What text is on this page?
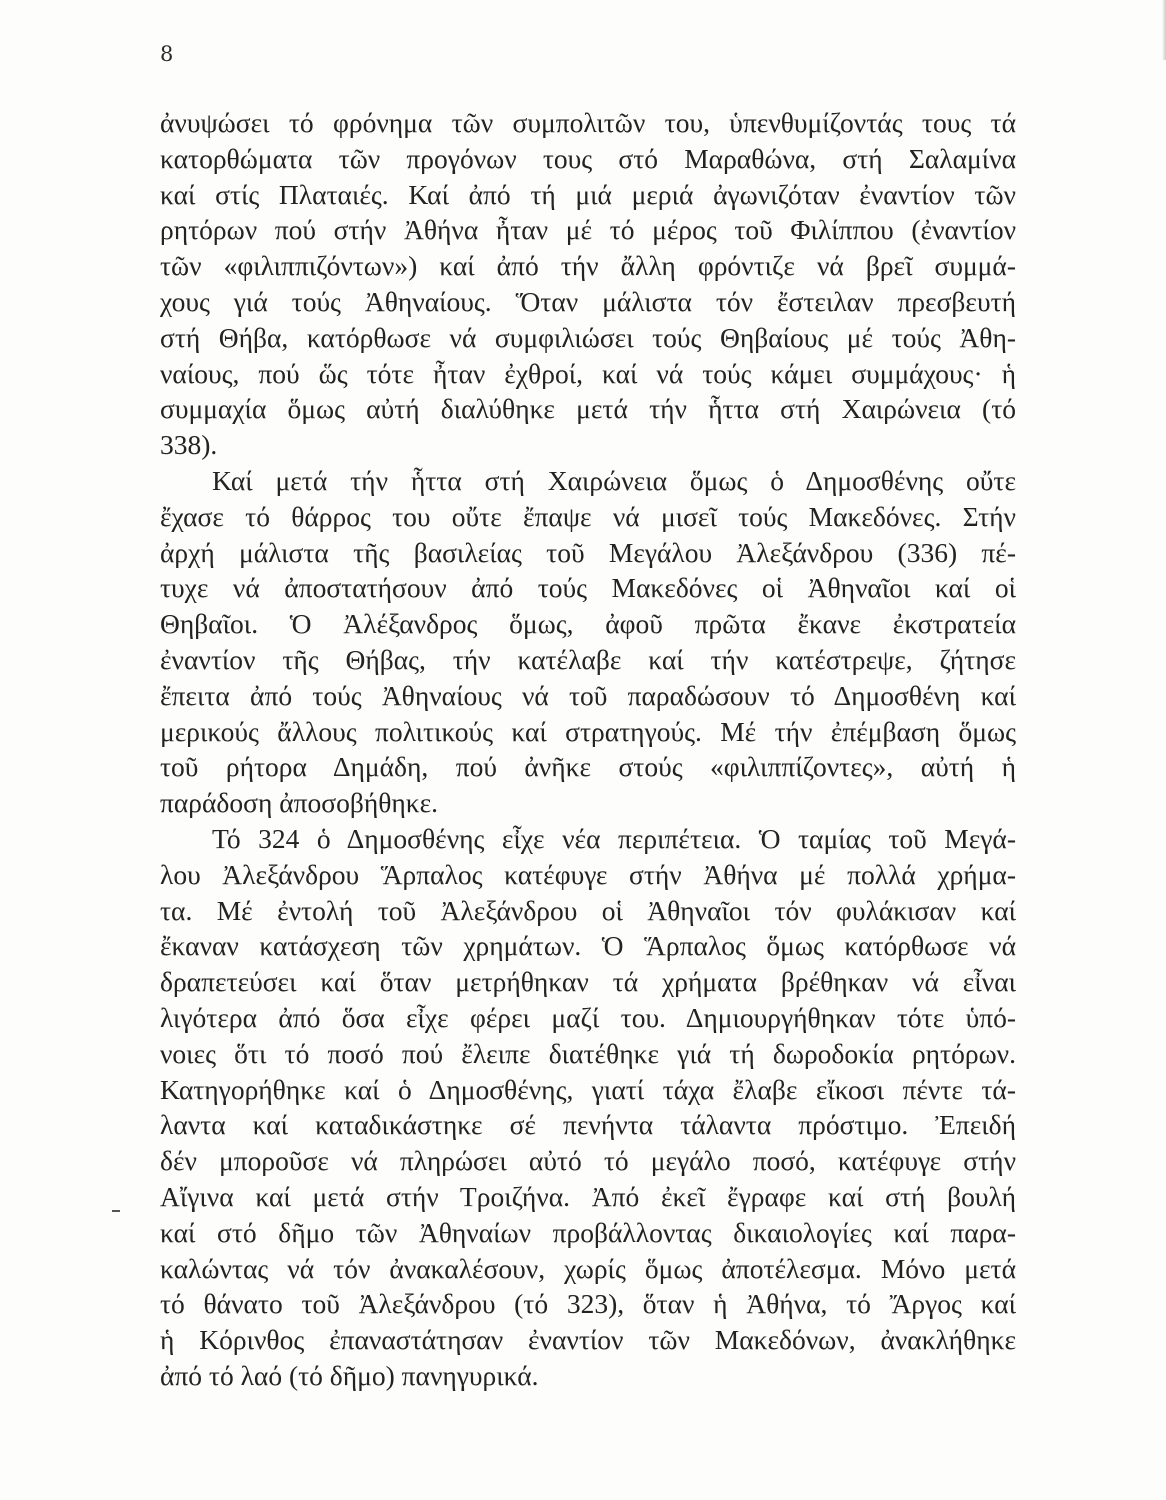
8

ἀνυψώσει τό φρόνημα τῶν συμπολιτῶν του, ὑπενθυμίζοντάς τους τά
κατορθώματα τῶν προγόνων τους στό Μαραθώνα, στή Σαλαμίνα
καί στίς Πλαταιές. Καί ἀπό τή μιά μεριά ἀγωνιζόταν ἐναντίον τῶν
ρητόρων πού στήν Ἀθήνα ἦταν μέ τό μέρος τοῦ Φιλίππου (ἐναντίον
τῶν «φιλιππιζόντων») καί ἀπό τήν ἄλλη φρόντιζε νά βρεῖ συμμά-
χους γιά τούς Ἀθηναίους. Ὅταν μάλιστα τόν ἔστειλαν πρεσβευτή
στή Θήβα, κατόρθωσε νά συμφιλιώσει τούς Θηβαίους μέ τούς Ἀθη-
ναίους, πού ὥς τότε ἦταν ἐχθροί, καί νά τούς κάμει συμμάχους· ἡ
συμμαχία ὅμως αὐτή διαλύθηκε μετά τήν ἧττα στή Χαιρώνεια (τό
338).
Καί μετά τήν ἧττα στή Χαιρώνεια ὅμως ὁ Δημοσθένης οὔτε
ἔχασε τό θάρρος του οὔτε ἔπαψε νά μισεῖ τούς Μακεδόνες. Στήν
ἀρχή μάλιστα τῆς βασιλείας τοῦ Μεγάλου Ἀλεξάνδρου (336) πέ-
τυχε νά ἀποστατήσουν ἀπό τούς Μακεδόνες οἱ Ἀθηναῖοι καί οἱ
Θηβαῖοι. Ὁ Ἀλέξανδρος ὅμως, ἀφοῦ πρῶτα ἔκανε ἐκστρατεία
ἐναντίον τῆς Θήβας, τήν κατέλαβε καί τήν κατέστρεψε, ζήτησε
ἔπειτα ἀπό τούς Ἀθηναίους νά τοῦ παραδώσουν τό Δημοσθένη καί
μερικούς ἄλλους πολιτικούς καί στρατηγούς. Μέ τήν ἐπέμβαση ὅμως
τοῦ ρήτορα Δημάδη, πού ἀνῆκε στούς «φιλιππίζοντες», αὐτή ἡ
παράδοση ἀποσοβήθηκε.
Τό 324 ὁ Δημοσθένης εἶχε νέα περιπέτεια. Ὁ ταμίας τοῦ Μεγά-
λου Ἀλεξάνδρου Ἅρπαλος κατέφυγε στήν Ἀθήνα μέ πολλά χρήμα-
τα. Μέ ἐντολή τοῦ Ἀλεξάνδρου οἱ Ἀθηναῖοι τόν φυλάκισαν καί
ἔκαναν κατάσχεση τῶν χρημάτων. Ὁ Ἅρπαλος ὅμως κατόρθωσε νά
δραπετεύσει καί ὅταν μετρήθηκαν τά χρήματα βρέθηκαν νά εἶναι
λιγότερα ἀπό ὅσα εἶχε φέρει μαζί του. Δημιουργήθηκαν τότε ὑπό-
νοιες ὅτι τό ποσό πού ἔλειπε διατέθηκε γιά τή δωροδοκία ρητόρων.
Κατηγορήθηκε καί ὁ Δημοσθένης, γιατί τάχα ἔλαβε εἴκοσι πέντε τά-
λαντα καί καταδικάστηκε σέ πενήντα τάλαντα πρόστιμο. Ἐπειδή
δέν μποροῦσε νά πληρώσει αὐτό τό μεγάλο ποσό, κατέφυγε στήν
Αἴγινα καί μετά στήν Τροιζήνα. Ἀπό ἐκεῖ ἔγραφε καί στή βουλή
καί στό δῆμο τῶν Ἀθηναίων προβάλλοντας δικαιολογίες καί παρα-
καλώντας νά τόν ἀνακαλέσουν, χωρίς ὅμως ἀποτέλεσμα. Μόνο μετά
τό θάνατο τοῦ Ἀλεξάνδρου (τό 323), ὅταν ἡ Ἀθήνα, τό Ἄργος καί
ἡ Κόρινθος ἐπαναστάτησαν ἐναντίον τῶν Μακεδόνων, ἀνακλήθηκε
ἀπό τό λαό (τό δῆμο) πανηγυρικά.
